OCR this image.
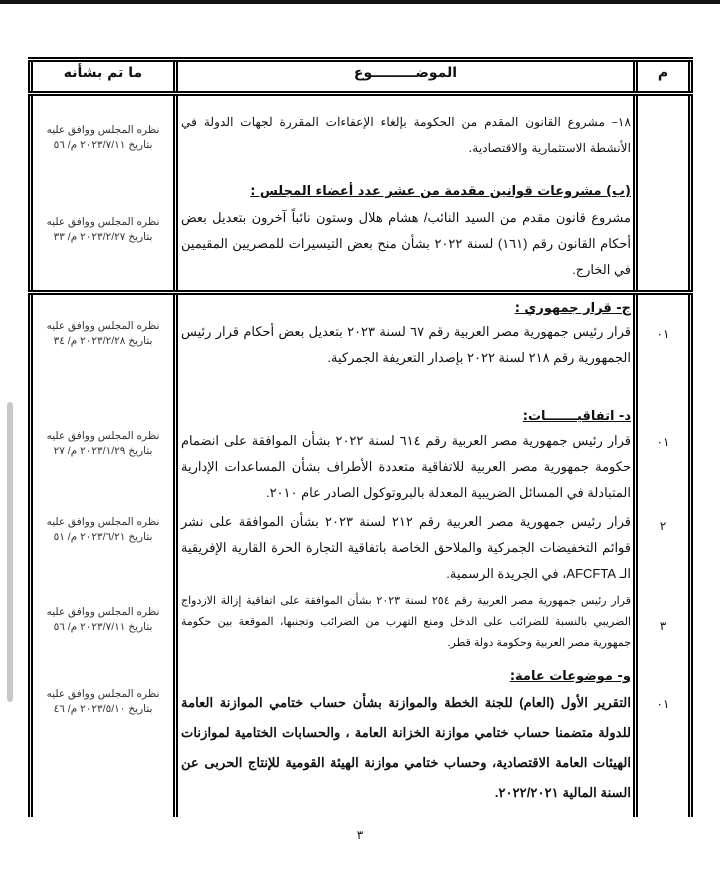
م
الموضـــــــــوع
ما تم بشأنه
١٨– مشروع القانون المقدم من الحكومة بإلغاء الإعفاءات المقررة لجهات الدولة في الأنشطة الاستثمارية والاقتصادية.
نظره المجلس ووافق عليه
بتاريخ ٢٠٢٣/٧/١١ م/ ٥٦
(ب) مشروعات قوانين مقدمة من عشر عدد أعضاء المجلس :
مشروع قانون مقدم من السيد النائب/ هشام هلال وستون نائباً آخرون بتعديل بعض أحكام القانون رقم (١٦١) لسنة ٢٠٢٢ بشأن منح بعض التيسيرات للمصريين المقيمين في الخارج.
نظره المجلس ووافق عليه
بتاريخ ٢٠٢٣/٢/٢٧ م/ ٣٣
ج- قرار جمهوري :
٠١
قرار رئيس جمهورية مصر العربية رقم ٦٧ لسنة ٢٠٢٣ بتعديل بعض أحكام قرار رئيس الجمهورية رقم ٢١٨ لسنة ٢٠٢٢ بإصدار التعريفة الجمركية.
نظره المجلس ووافق عليه
بتاريخ ٢٠٢٣/٢/٢٨ م/ ٣٤
د- اتفاقيـــــــات:
٠١
قرار رئيس جمهورية مصر العربية رقم ٦١٤ لسنة ٢٠٢٢ بشأن الموافقة على انضمام حكومة جمهورية مصر العربية للاتفاقية متعددة الأطراف بشأن المساعدات الإدارية المتبادلة في المسائل الضريبية المعدلة بالبروتوكول الصادر عام ٢٠١٠.
نظره المجلس ووافق عليه
بتاريخ ٢٠٢٣/١/٢٩ م/ ٢٧
٢
قرار رئيس جمهورية مصر العربية رقم ٢١٢ لسنة ٢٠٢٣ بشأن الموافقة على نشر قوائم التخفيضات الجمركية والملاحق الخاصة باتفاقية التجارة الحرة القارية الإفريقية الـ AFCFTA، في الجريدة الرسمية.
نظره المجلس ووافق عليه
بتاريخ ٢٠٢٣/٦/٢١ م/ ٥١
٣
قرار رئيس جمهورية مصر العربية رقم ٢٥٤ لسنة ٢٠٢٣ بشأن الموافقة على اتفاقية إزالة الازدواج الضريبي بالنسبة للضرائب على الدخل ومنع التهرب من الضرائب وتجنبها، الموقعة بين حكومة جمهورية مصر العربية وحكومة دولة قطر.
نظره المجلس ووافق عليه
بتاريخ ٢٠٢٣/٧/١١ م/ ٥٦
و- موضوعات عامة:
٠١
التقرير الأول (العام) للجنة الخطة والموازنة بشأن حساب ختامي الموازنة العامة للدولة متضمنا حساب ختامي موازنة الخزانة العامة ، والحسابات الختامية لموازنات الهيئات العامة الاقتصادية، وحساب ختامي موازنة الهيئة القومية للإنتاج الحربى عن السنة المالية ٢٠٢٢/٢٠٢١.
نظره المجلس ووافق عليه
بتاريخ ٢٠٢٣/٥/١٠ م/ ٤٦
٣
